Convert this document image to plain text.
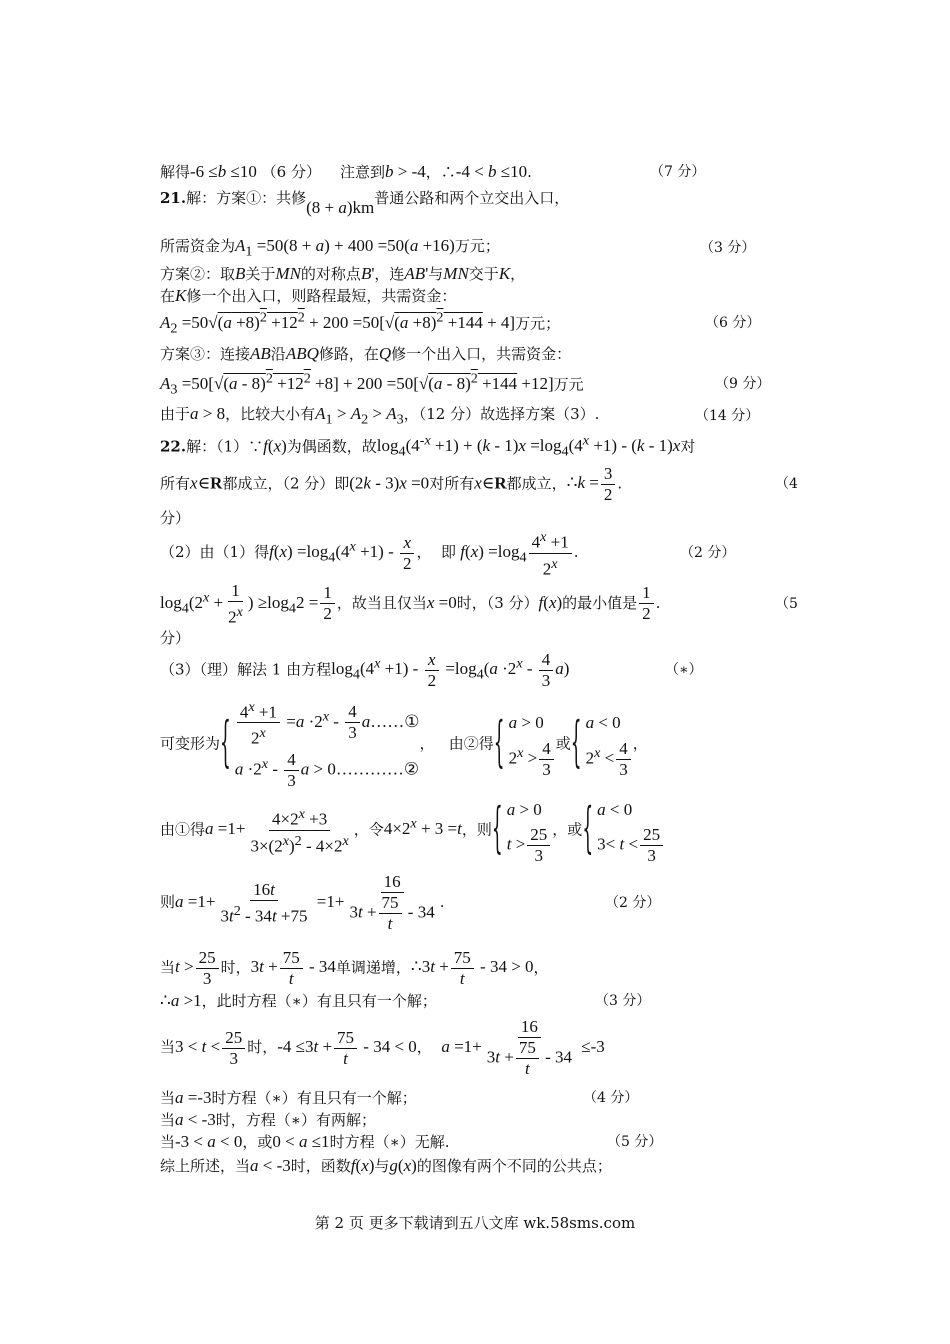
解得-6 ≤b ≤10 （6 分）    注意到b > -4，∴-4 < b ≤10.	（7 分）
21.解：方案①：共修(8 + a)km普通公路和两个立交出入口，
所需资金为$A_1 =50(8 + a) + 400 =50(a +16)$万元；	（3 分）
方案②：取B关于MN的对称点B'，连AB'与MN交于K，
在K修一个出入口，则路程最短，共需资金：
$A_2 =50√(a +8)^2 +12^2 + 200 =50[√(a +8)^2 +144 + 4]$万元；	（6 分）
方案③：连接AB沿ABQ修路，在Q修一个出入口，共需资金：
$A_3 =50[√(a - 8)^2 +12^2 +8] + 200 =50[√(a - 8)^2 +144 +12]$万元	（9 分）
由于a > 8，比较大小有$A_1 > A_2 > A_3$，（12 分）故选择方案（3）.	（14 分）
22.解：（1）∵f(x)为偶函数，故$\log_4(4^{-x} +1) + (k - 1)x =\log_4(4^x +1) - (k - 1)x$对
所有x∈R都成立，（2 分）即(2k - 3)x =0对所有x∈R都成立，∴k = $\frac{3}{2}$ .	（4
分）
（2）由（1）得$f(x) =\log_4(4^x +1) - \frac{x}{2}$ ，  即 $f(x) =\log_4 \frac{4^x +1}{2^x}$ .	（2 分）
$\log_4(2^x + \frac{1}{2^x}$ ) $\ge\log_42 = \frac{1}{2}$ ，故当且仅当x =0时，（3 分）f(x)的最小值是 $\frac{1}{2}$ .	（5
分）
（3）（理）解法 1 由方程$\log_4(4^x +1) - \frac{x}{2} =\log_4(a \cdot 2^x - \frac{4}{3} a)$	（∗）
可变形为 { $\frac{4^x +1}{2^x} =a \cdot 2^x - \frac{4}{3}$ a……①
$a \cdot 2^x - \frac{4}{3}$ a > 0…………②
，   由②得 { a > 0
$2^x > \frac{4}{3}$ 或 { a < 0
$2^x < \frac{4}{3}$ ，
由①得$a =1+ \frac{4\times 2^x +3}{3\times(2^x)^2 - 4\times 2^x}$ ，令$4\times 2^x + 3 =t$，则 { a > 0
$t > \frac{25}{3}$ ，或 { a < 0
$3< t < \frac{25}{3}$
则$a =1+ \frac{16t}{3t^2 - 34t +75} =1+ \frac{16}{3t + \frac{75}{t} - 34}$ .	（2 分）
当$t > \frac{25}{3}$ 时，$3t + \frac{75}{t} - 34$单调递增，∴3t + $\frac{75}{t} - 34 > 0$，
∴a >1，此时方程（∗）有且只有一个解；	（3 分）
当$3 < t < \frac{25}{3}$ 时，$-4 \le 3t + \frac{75}{t} - 34 < 0$，  $a =1+ \frac{16}{3t + \frac{75}{t} - 34} \le-3$
当a =-3时方程（∗）有且只有一个解；	（4 分）
当a < -3时，方程（∗）有两解；
当-3 < a < 0，或0 < a ≤1时方程（∗）无解.	（5 分）
综上所述，当a < -3时，函数f(x)与g(x)的图像有两个不同的公共点；
第 2 页 更多下载请到五八文库 wk.58sms.com
